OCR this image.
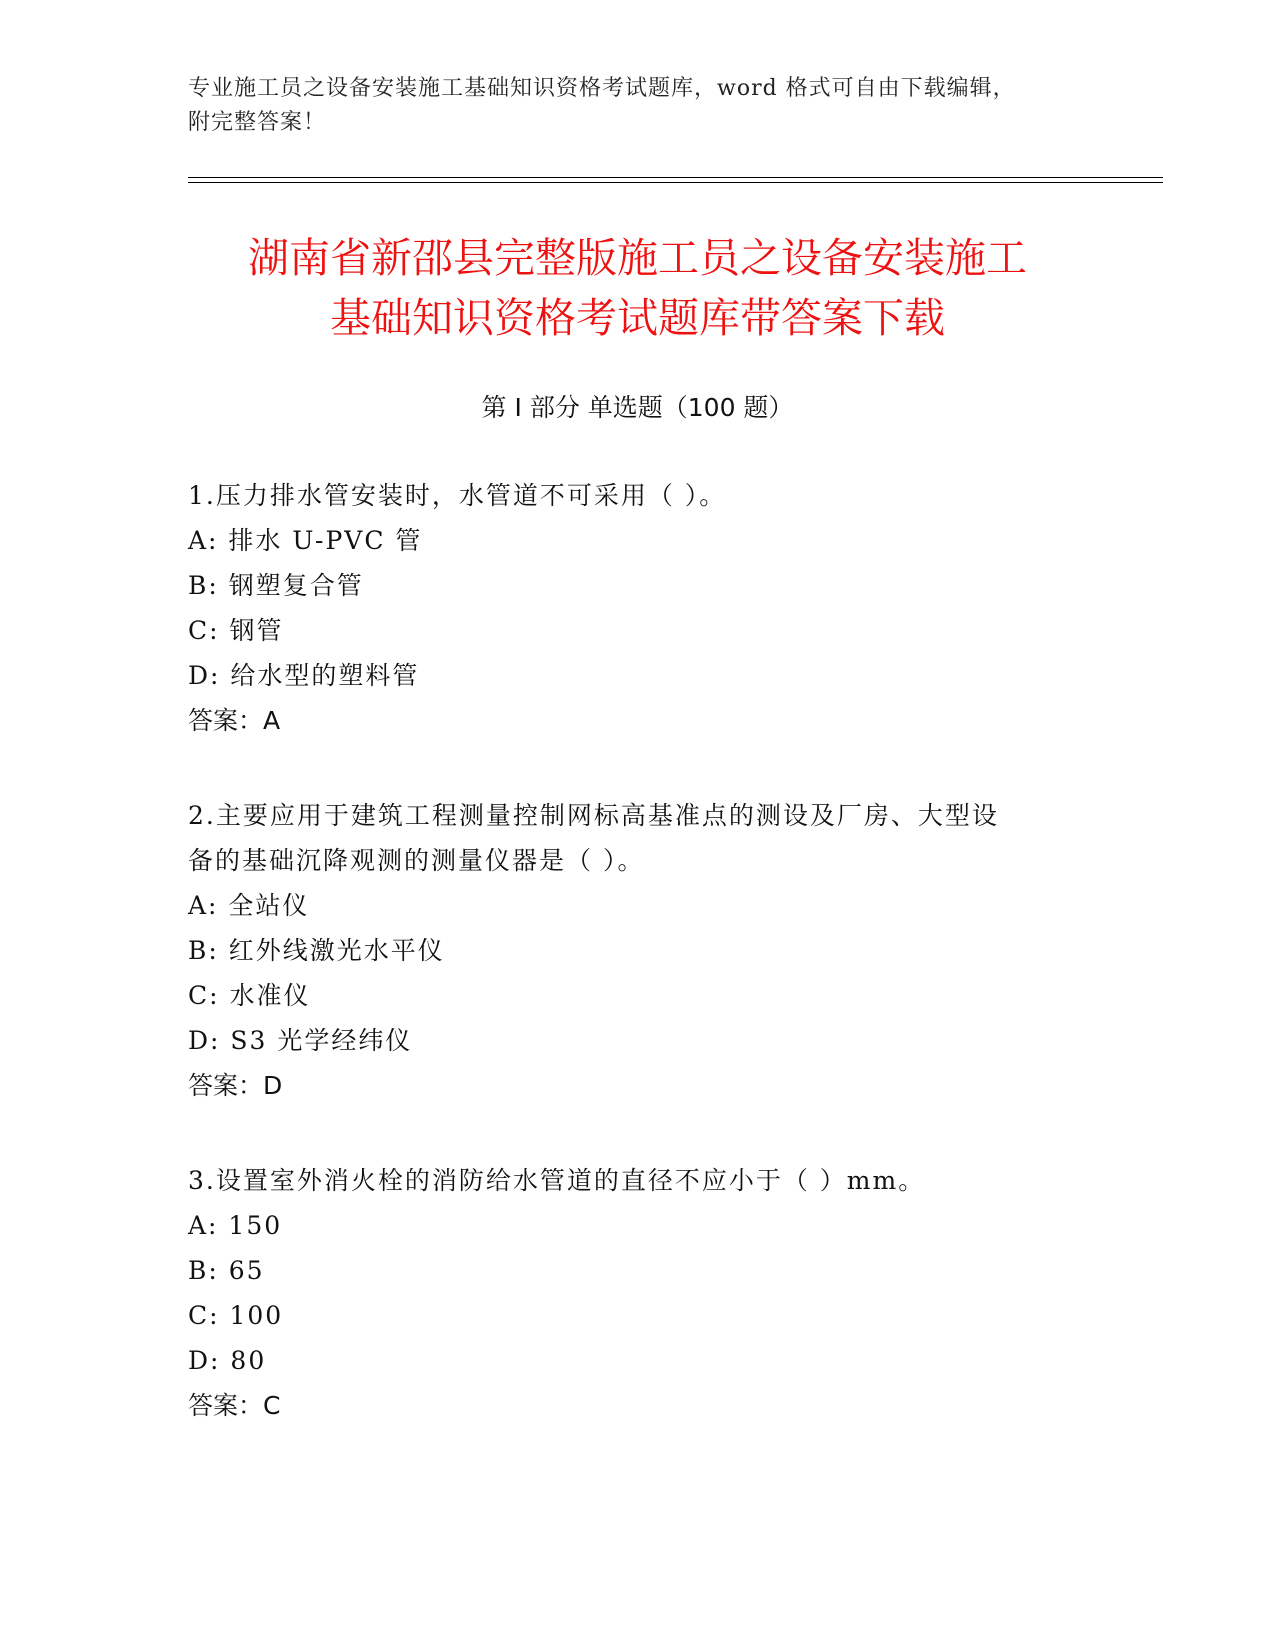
专业施工员之设备安装施工基础知识资格考试题库，word 格式可自由下载编辑，
附完整答案！
湖南省新邵县完整版施工员之设备安装施工
基础知识资格考试题库带答案下载
第 I 部分 单选题（100 题）

1.压力排水管安装时，水管道不可采用（ ）。

A: 排水 U-PVC 管

B: 钢塑复合管

C: 钢管

D: 给水型的塑料管

答案：A

2.主要应用于建筑工程测量控制网标高基准点的测设及厂房、大型设

备的基础沉降观测的测量仪器是（ ）。

A: 全站仪

B: 红外线激光水平仪

C: 水准仪

D: S3 光学经纬仪

答案：D

3.设置室外消火栓的消防给水管道的直径不应小于（ ）mm。

A: 150

B: 65

C: 100

D: 80

答案：C
